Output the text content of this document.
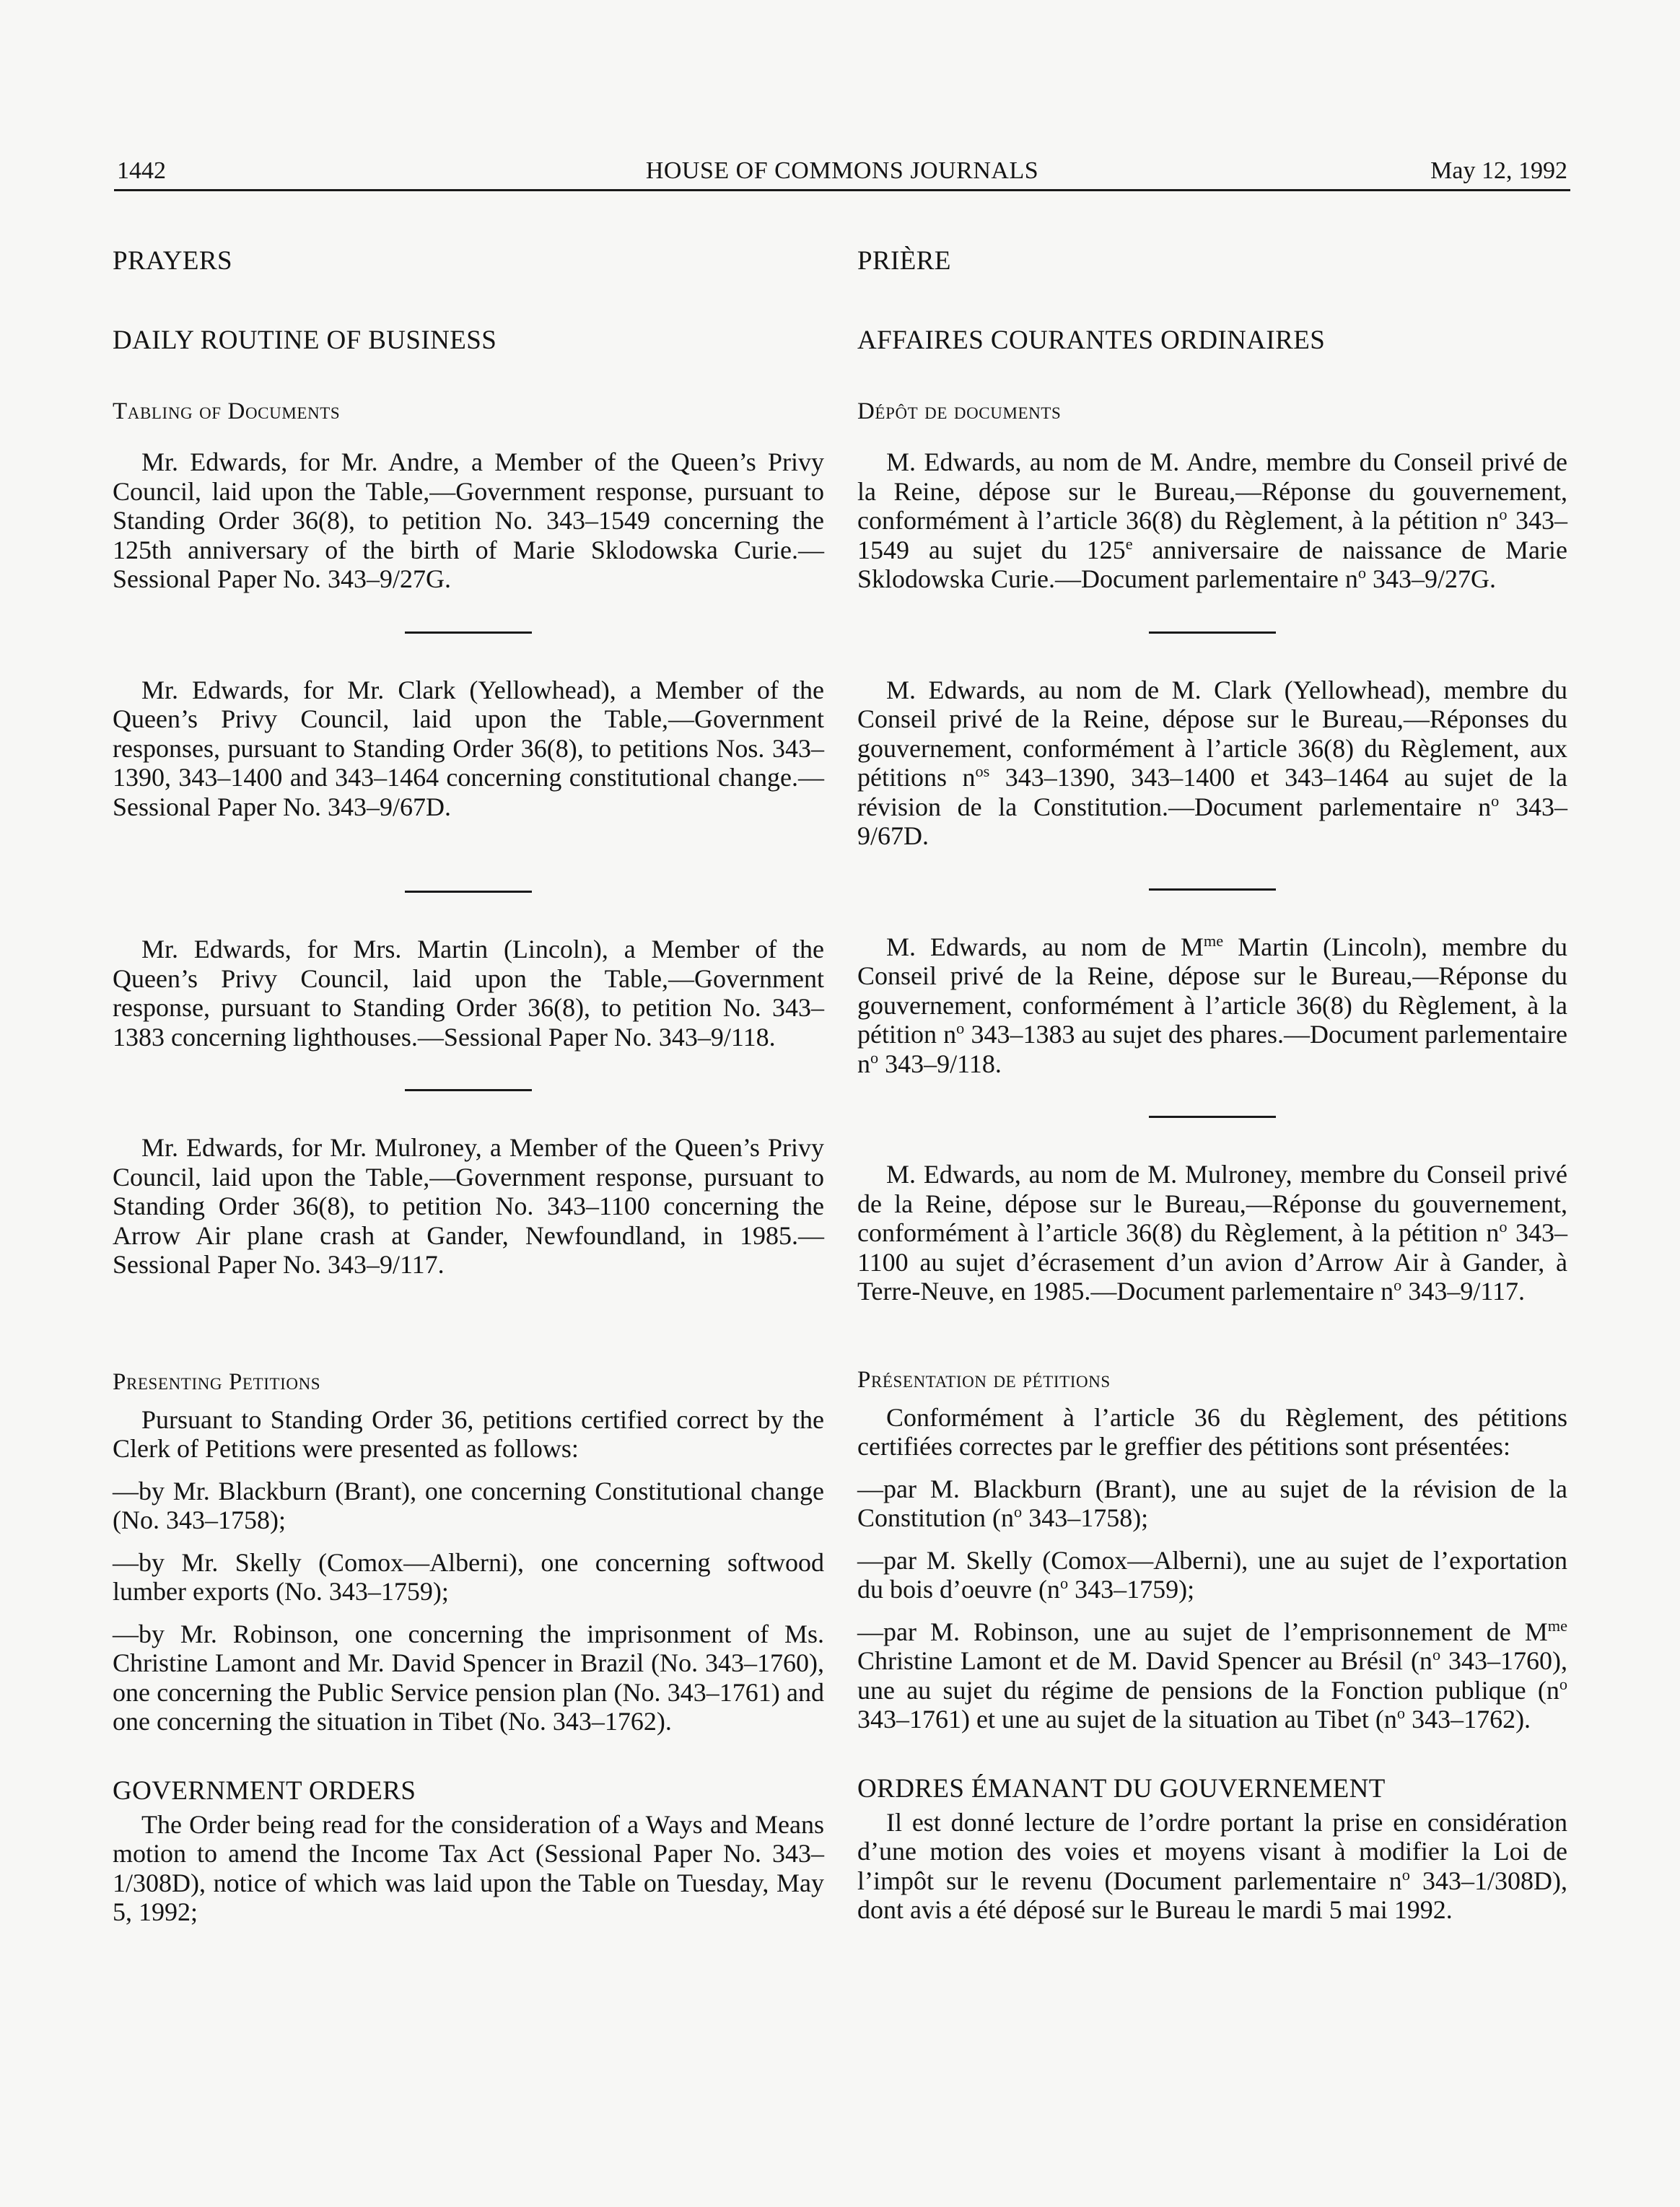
1442	HOUSE OF COMMONS JOURNALS	May 12, 1992
PRAYERS
DAILY ROUTINE OF BUSINESS
Tabling of Documents

Mr. Edwards, for Mr. Andre, a Member of the Queen’s Privy Council, laid upon the Table,—Government response, pursuant to Standing Order 36(8), to petition No. 343–1549 concerning the 125th anniversary of the birth of Marie Sklodowska Curie.—Sessional Paper No. 343–9/27G.

Mr. Edwards, for Mr. Clark (Yellowhead), a Member of the Queen’s Privy Council, laid upon the Table,—Government responses, pursuant to Standing Order 36(8), to petitions Nos. 343–1390, 343–1400 and 343–1464 concerning constitutional change.—Sessional Paper No. 343–9/67D.

Mr. Edwards, for Mrs. Martin (Lincoln), a Member of the Queen’s Privy Council, laid upon the Table,—Government response, pursuant to Standing Order 36(8), to petition No. 343–1383 concerning lighthouses.—Sessional Paper No. 343–9/118.

Mr. Edwards, for Mr. Mulroney, a Member of the Queen’s Privy Council, laid upon the Table,—Government response, pursuant to Standing Order 36(8), to petition No. 343–1100 concerning the Arrow Air plane crash at Gander, Newfoundland, in 1985.—Sessional Paper No. 343–9/117.

Presenting Petitions

Pursuant to Standing Order 36, petitions certified correct by the Clerk of Petitions were presented as follows:

—by Mr. Blackburn (Brant), one concerning Constitutional change (No. 343–1758);

—by Mr. Skelly (Comox—Alberni), one concerning softwood lumber exports (No. 343–1759);

—by Mr. Robinson, one concerning the imprisonment of Ms. Christine Lamont and Mr. David Spencer in Brazil (No. 343–1760), one concerning the Public Service pension plan (No. 343–1761) and one concerning the situation in Tibet (No. 343–1762).

GOVERNMENT ORDERS

The Order being read for the consideration of a Ways and Means motion to amend the Income Tax Act (Sessional Paper No. 343–1/308D), notice of which was laid upon the Table on Tuesday, May 5, 1992;

PRIÈRE
AFFAIRES COURANTES ORDINAIRES
Dépôt de documents

M. Edwards, au nom de M. Andre, membre du Conseil privé de la Reine, dépose sur le Bureau,—Réponse du gouvernement, conformément à l’article 36(8) du Règlement, à la pétition $n^o$ 343–1549 au sujet du 125e anniversaire de naissance de Marie Sklodowska Curie.—Document parlementaire $n^o$ 343–9/27G.

M. Edwards, au nom de M. Clark (Yellowhead), membre du Conseil privé de la Reine, dépose sur le Bureau,—Réponses du gouvernement, conformément à l’article 36(8) du Règlement, aux pétitions $n^{os}$ 343–1390, 343–1400 et 343–1464 au sujet de la révision de la Constitution.—Document parlementaire $n^o$ 343–9/67D.

M. Edwards, au nom de $M^{me}$ Martin (Lincoln), membre du Conseil privé de la Reine, dépose sur le Bureau,—Réponse du gouvernement, conformément à l’article 36(8) du Règlement, à la pétition $n^o$ 343–1383 au sujet des phares.—Document parlementaire $n^o$ 343–9/118.

M. Edwards, au nom de M. Mulroney, membre du Conseil privé de la Reine, dépose sur le Bureau,—Réponse du gouvernement, conformément à l’article 36(8) du Règlement, à la pétition $n^o$ 343–1100 au sujet d’écrasement d’un avion d’Arrow Air à Gander, à Terre-Neuve, en 1985.—Document parlementaire $n^o$ 343–9/117.

Présentation de pétitions

Conformément à l’article 36 du Règlement, des pétitions certifiées correctes par le greffier des pétitions sont présentées:

—par M. Blackburn (Brant), une au sujet de la révision de la Constitution ($n^o$ 343–1758);

—par M. Skelly (Comox—Alberni), une au sujet de l’exportation du bois d’oeuvre ($n^o$ 343–1759);

—par M. Robinson, une au sujet de l’emprisonnement de $M^{me}$ Christine Lamont et de M. David Spencer au Brésil ($n^o$ 343–1760), une au sujet du régime de pensions de la Fonction publique ($n^o$ 343–1761) et une au sujet de la situation au Tibet ($n^o$ 343–1762).

ORDRES ÉMANANT DU GOUVERNEMENT

Il est donné lecture de l’ordre portant la prise en considération d’une motion des voies et moyens visant à modifier la Loi de l’impôt sur le revenu (Document parlementaire $n^o$ 343–1/308D), dont avis a été déposé sur le Bureau le mardi 5 mai 1992.
